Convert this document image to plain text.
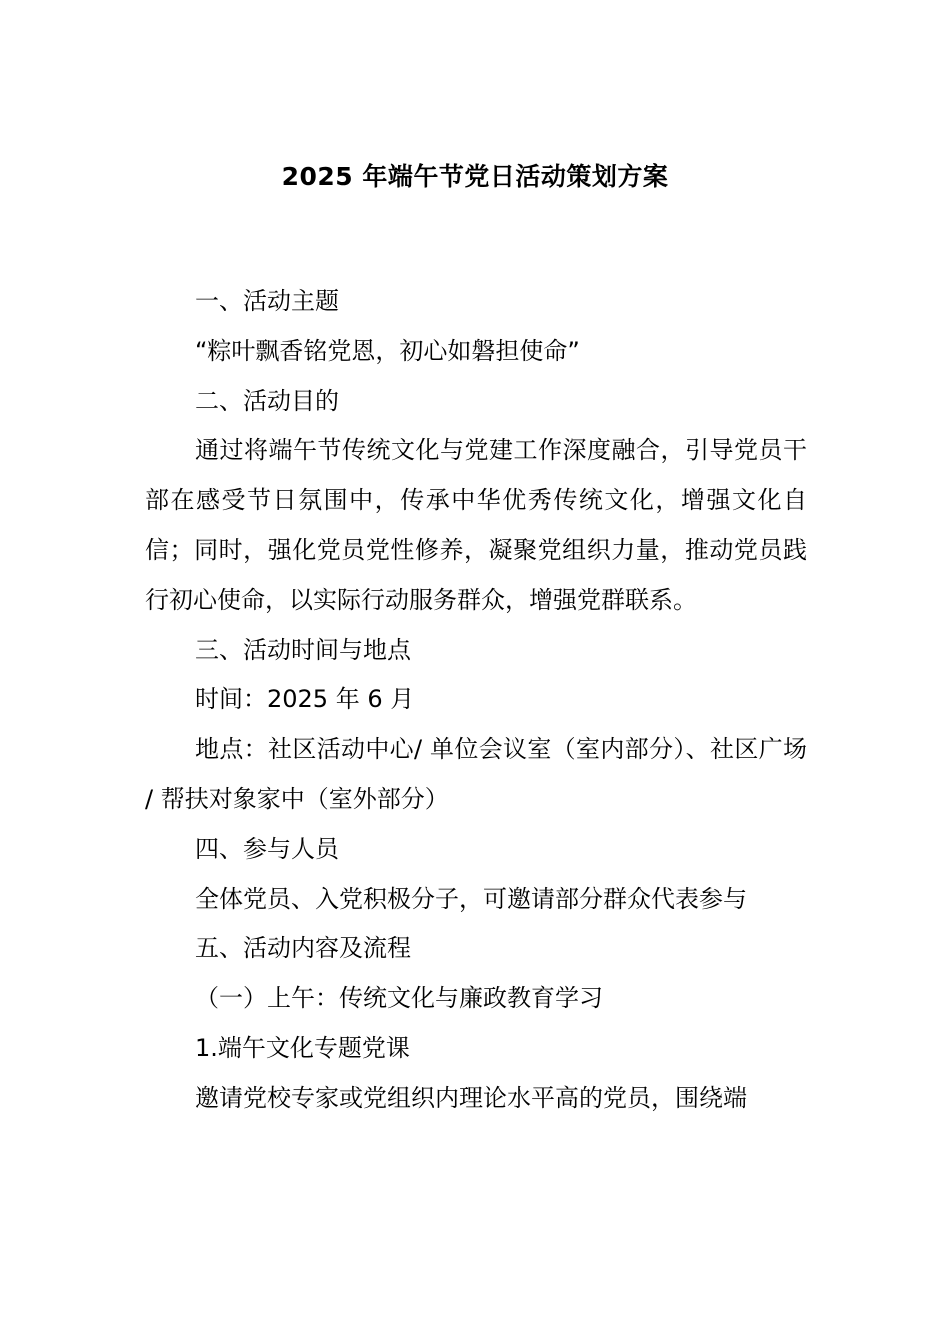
2025 年端午节党日活动策划方案

一、活动主题

“粽叶飘香铭党恩，初心如磐担使命”

二、活动目的

通过将端午节传统文化与党建工作深度融合，引导党员干部在感受节日氛围中，传承中华优秀传统文化，增强文化自信；同时，强化党员党性修养，凝聚党组织力量，推动党员践行初心使命，以实际行动服务群众，增强党群联系。

三、活动时间与地点

时间：2025 年 6 月

地点：社区活动中心/ 单位会议室（室内部分）、社区广场 / 帮扶对象家中（室外部分）

四、参与人员

全体党员、入党积极分子，可邀请部分群众代表参与

五、活动内容及流程

（一）上午：传统文化与廉政教育学习

1.端午文化专题党课

邀请党校专家或党组织内理论水平高的党员，围绕端
